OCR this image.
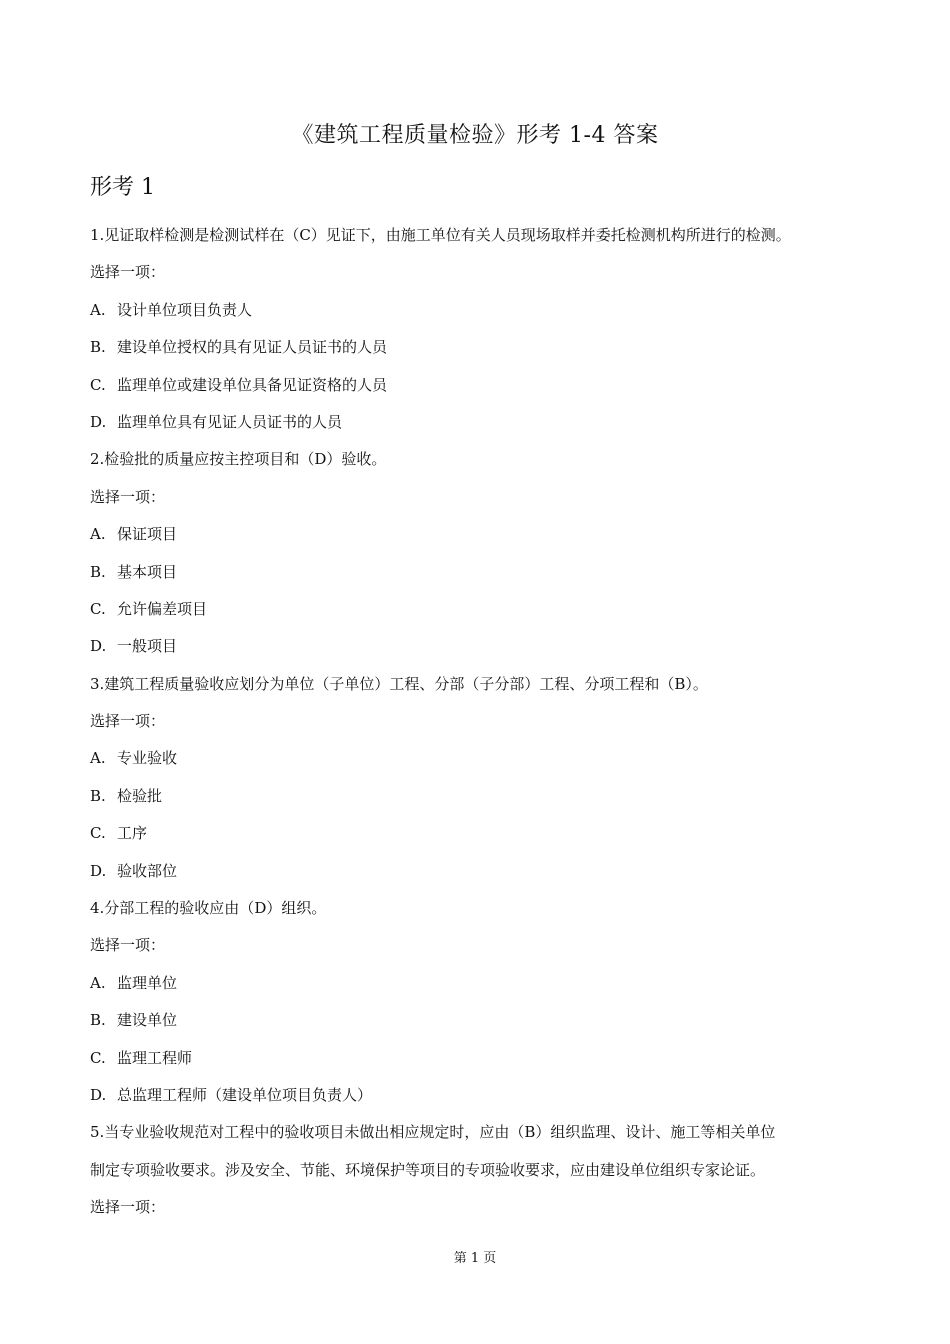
《建筑工程质量检验》形考 1-4 答案
形考 1
1.见证取样检测是检测试样在（C）见证下，由施工单位有关人员现场取样并委托检测机构所进行的检测。
选择一项：
A. 设计单位项目负责人
B. 建设单位授权的具有见证人员证书的人员
C. 监理单位或建设单位具备见证资格的人员
D. 监理单位具有见证人员证书的人员
2.检验批的质量应按主控项目和（D）验收。
选择一项：
A. 保证项目
B. 基本项目
C. 允许偏差项目
D. 一般项目
3.建筑工程质量验收应划分为单位（子单位）工程、分部（子分部）工程、分项工程和（B）。
选择一项：
A. 专业验收
B. 检验批
C. 工序
D. 验收部位
4.分部工程的验收应由（D）组织。
选择一项：
A. 监理单位
B. 建设单位
C. 监理工程师
D. 总监理工程师（建设单位项目负责人）
5.当专业验收规范对工程中的验收项目未做出相应规定时，应由（B）组织监理、设计、施工等相关单位
制定专项验收要求。涉及安全、节能、环境保护等项目的专项验收要求，应由建设单位组织专家论证。
选择一项：
第 1 页
